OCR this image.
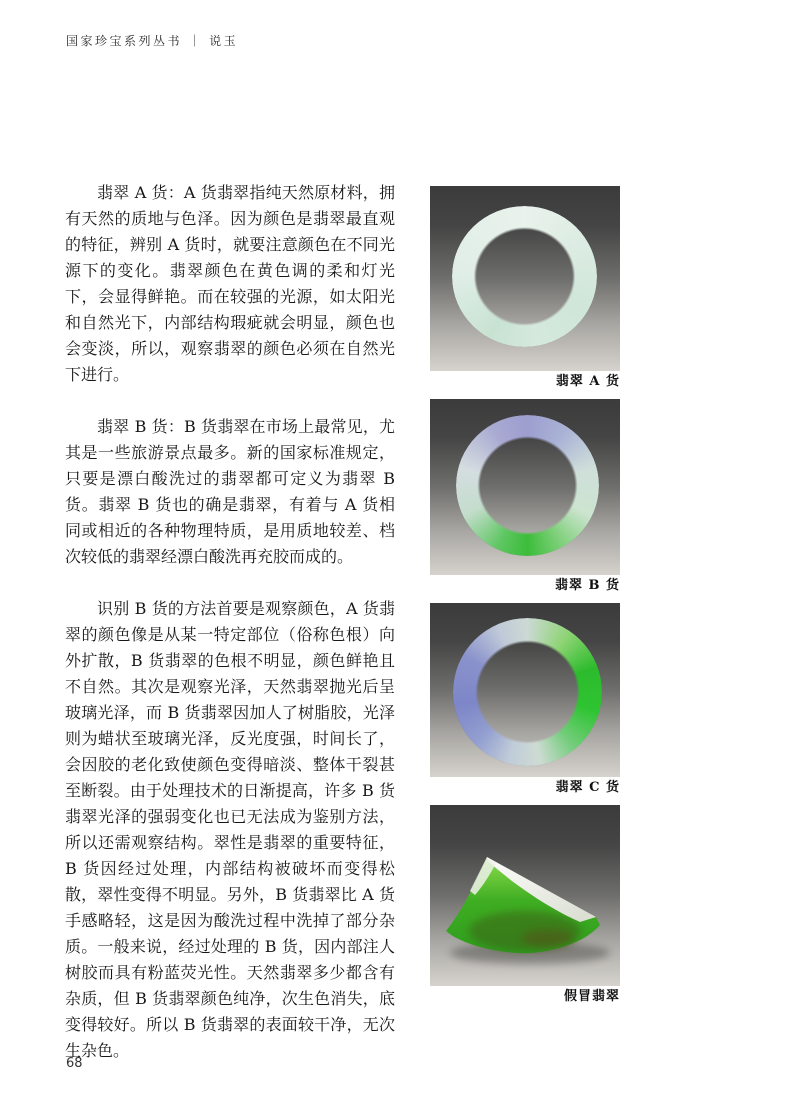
国家珍宝系列丛书 ｜ 说玉

翡翠 A 货：A 货翡翠指纯天然原材料，拥有天然的质地与色泽。因为颜色是翡翠最直观的特征，辨别 A 货时，就要注意颜色在不同光源下的变化。翡翠颜色在黄色调的柔和灯光下，会显得鲜艳。而在较强的光源，如太阳光和自然光下，内部结构瑕疵就会明显，颜色也会变淡，所以，观察翡翠的颜色必须在自然光下进行。

翡翠 B 货：B 货翡翠在市场上最常见，尤其是一些旅游景点最多。新的国家标准规定，只要是漂白酸洗过的翡翠都可定义为翡翠 B 货。翡翠 B 货也的确是翡翠，有着与 A 货相同或相近的各种物理特质，是用质地较差、档次较低的翡翠经漂白酸洗再充胶而成的。

识别 B 货的方法首要是观察颜色，A 货翡翠的颜色像是从某一特定部位（俗称色根）向外扩散，B 货翡翠的色根不明显，颜色鲜艳且不自然。其次是观察光泽，天然翡翠抛光后呈玻璃光泽，而 B 货翡翠因加人了树脂胶，光泽则为蜡状至玻璃光泽，反光度强，时间长了，会因胶的老化致使颜色变得暗淡、整体干裂甚至断裂。由于处理技术的日渐提高，许多 B 货翡翠光泽的强弱变化也已无法成为鉴别方法，所以还需观察结构。翠性是翡翠的重要特征，B 货因经过处理，内部结构被破坏而变得松散，翠性变得不明显。另外，B 货翡翠比 A 货手感略轻，这是因为酸洗过程中洗掉了部分杂质。一般来说，经过处理的 B 货，因内部注人树胶而具有粉蓝荧光性。天然翡翠多少都含有杂质，但 B 货翡翠颜色纯净，次生色消失，底变得较好。所以 B 货翡翠的表面较干净，无次生杂色。

翡翠 A 货
翡翠 B 货
翡翠 C 货
假冒翡翠
68
